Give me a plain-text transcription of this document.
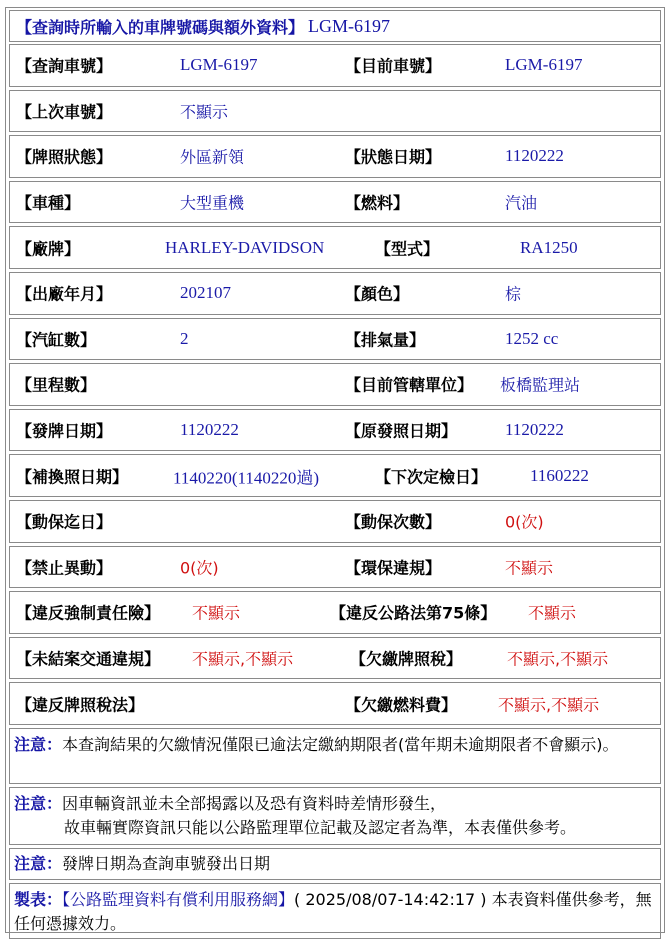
【查詢時所輸入的車牌號碼與額外資料】 LGM-6197
【查詢車號】	LGM-6197	【目前車號】	LGM-6197
【上次車號】	不顯示
【牌照狀態】	外區新領	【狀態日期】	1120222
【車種】	大型重機	【燃料】	汽油
【廠牌】	HARLEY-DAVIDSON	【型式】	RA1250
【出廠年月】	202107	【顏色】	棕
【汽缸數】	2	【排氣量】	1252 cc
【里程數】	【目前管轄單位】 板橋監理站
【發牌日期】	1120222	【原發照日期】	1120222
【補換照日期】	1140220(1140220過)	【下次定檢日】	1160222
【動保迄日】	【動保次數】	0(次)
【禁止異動】	0(次)	【環保違規】	不顯示
【違反強制責任險】 不顯示	【違反公路法第75條】 不顯示
【未結案交通違規】 不顯示,不顯示	【欠繳牌照稅】	不顯示,不顯示
【違反牌照稅法】	【欠繳燃料費】	不顯示,不顯示
注意：本查詢結果的欠繳情況僅限已逾法定繳納期限者(當年期未逾期限者不會顯示)。
注意：因車輛資訊並未全部揭露以及恐有資料時差情形發生，
故車輛實際資訊只能以公路監理單位記載及認定者為準，本表僅供參考。
注意：發牌日期為查詢車號發出日期
製表：【公路監理資料有償利用服務網】( 2025/08/07-14:42:17 ) 本表資料僅供參考，無任何憑據效力。
